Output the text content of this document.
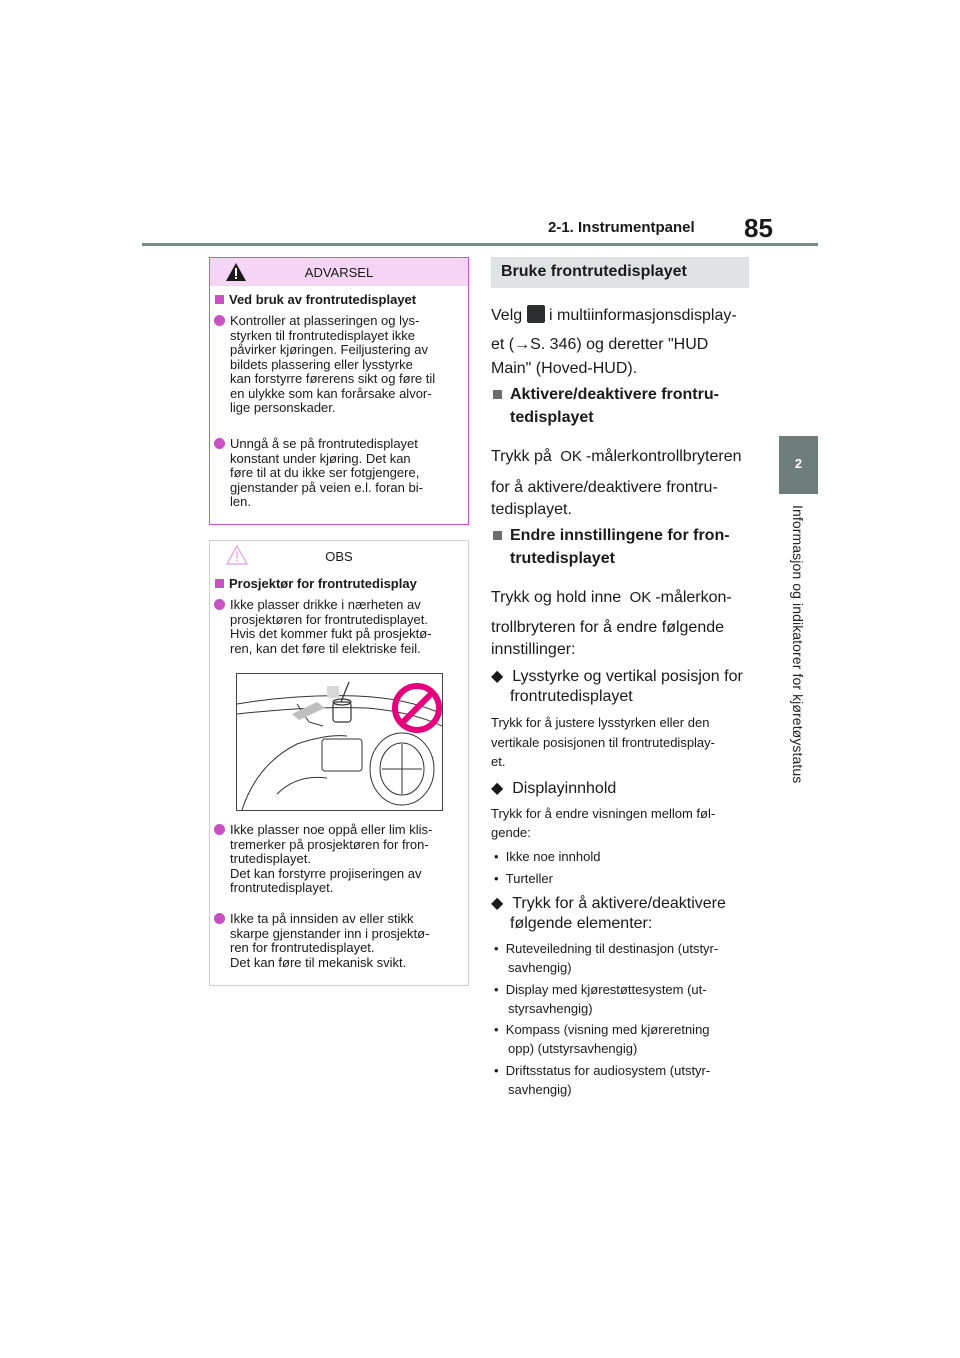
2-1. Instrumentpanel 85
2
Informasjon og indikatorer for kjøretøystatus
ADVARSEL
Ved bruk av frontrutedisplayet

Kontroller at plasseringen og lys-

styrken til frontrutedisplayet ikke

påvirker kjøringen. Feiljustering av

bildets plassering eller lysstyrke

kan forstyrre førerens sikt og føre til

en ulykke som kan forårsake alvor-

lige personskader.

Unngå å se på frontrutedisplayet

konstant under kjøring. Det kan

føre til at du ikke ser fotgjengere,

gjenstander på veien e.l. foran bi-

len.

OBS
Prosjektør for frontrutedisplay

Ikke plasser drikke i nærheten av

prosjektøren for frontrutedisplayet.

Hvis det kommer fukt på prosjektø-

ren, kan det føre til elektriske feil.

Ikke plasser noe oppå eller lim klis-

tremerker på prosjektøren for fron-

trutedisplayet.

Det kan forstyrre projiseringen av

frontrutedisplayet.

Ikke ta på innsiden av eller stikk

skarpe gjenstander inn i prosjektø-

ren for frontrutedisplayet.

Det kan føre til mekanisk svikt.

Bruke frontrutedisplayet
Velg i multiinformasjonsdisplay-
et (→S. 346) og deretter "HUD
Main" (Hoved-HUD).
Aktivere/deaktivere frontru-
tedisplayet
Trykk på OK -målerkontrollbryteren
for å aktivere/deaktivere frontru-
tedisplayet.
Endre innstillingene for fron-
trutedisplayet
Trykk og hold inne OK -målerkon-
trollbryteren for å endre følgende
innstillinger:
◆  Lysstyrke og vertikal posisjon for
frontrutedisplayet
Trykk for å justere lysstyrken eller den
vertikale posisjonen til frontrutedisplay-
et.
◆  Displayinnhold
Trykk for å endre visningen mellom føl-
gende:
•  Ikke noe innhold
•  Turteller
◆  Trykk for å aktivere/deaktivere
følgende elementer:
•  Ruteveiledning til destinasjon (utstyr-
savhengig)
•  Display med kjørestøttesystem (ut-
styrsavhengig)
•  Kompass (visning med kjøreretning
opp) (utstyrsavhengig)
•  Driftsstatus for audiosystem (utstyr-
savhengig)
